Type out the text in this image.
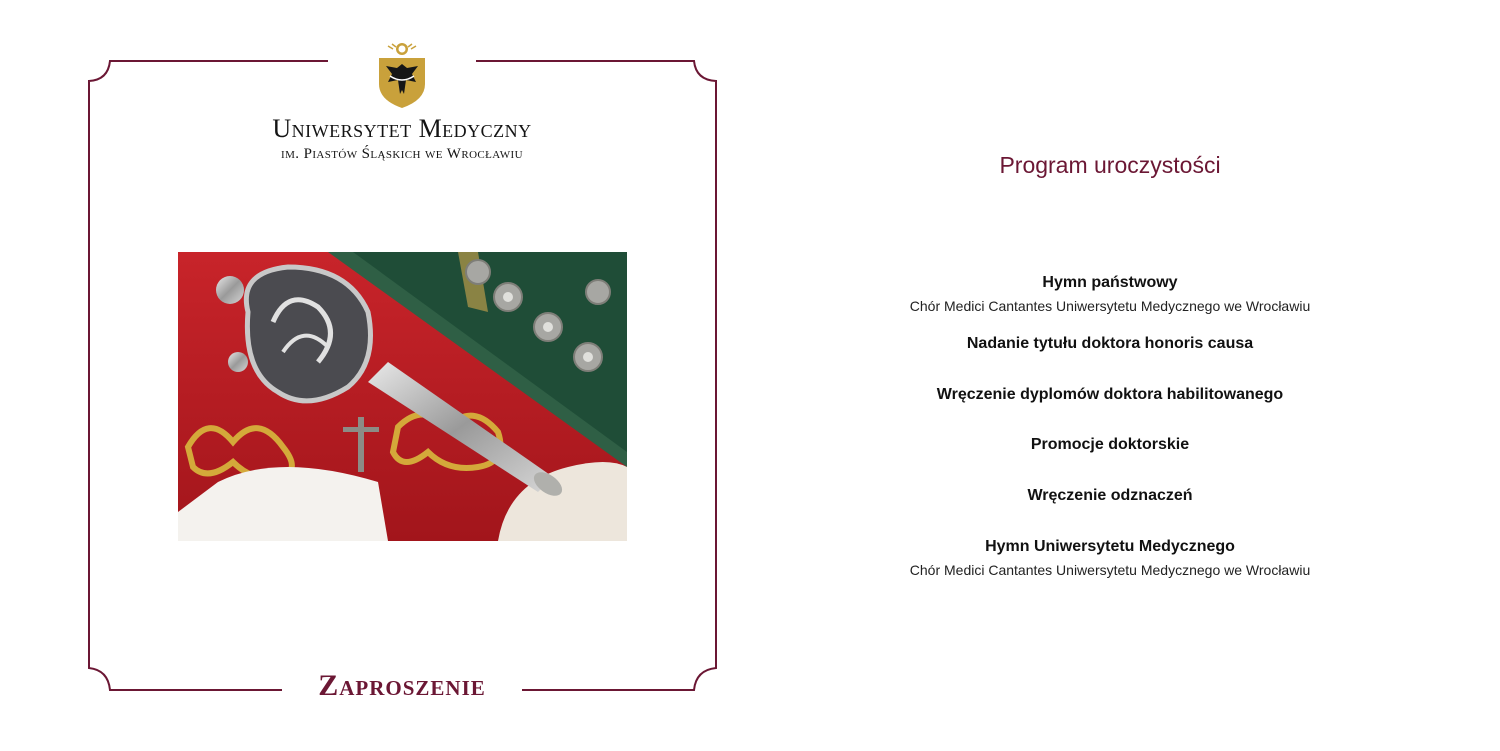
Uniwersytet Medyczny
im. Piastów Śląskich we Wrocławiu
Zaproszenie
Program uroczystości
Hymn państwowy
Chór Medici Cantantes Uniwersytetu Medycznego we Wrocławiu
Nadanie tytułu doktora honoris causa
Wręczenie dyplomów doktora habilitowanego
Promocje doktorskie
Wręczenie odznaczeń
Hymn Uniwersytetu Medycznego
Chór Medici Cantantes Uniwersytetu Medycznego we Wrocławiu
